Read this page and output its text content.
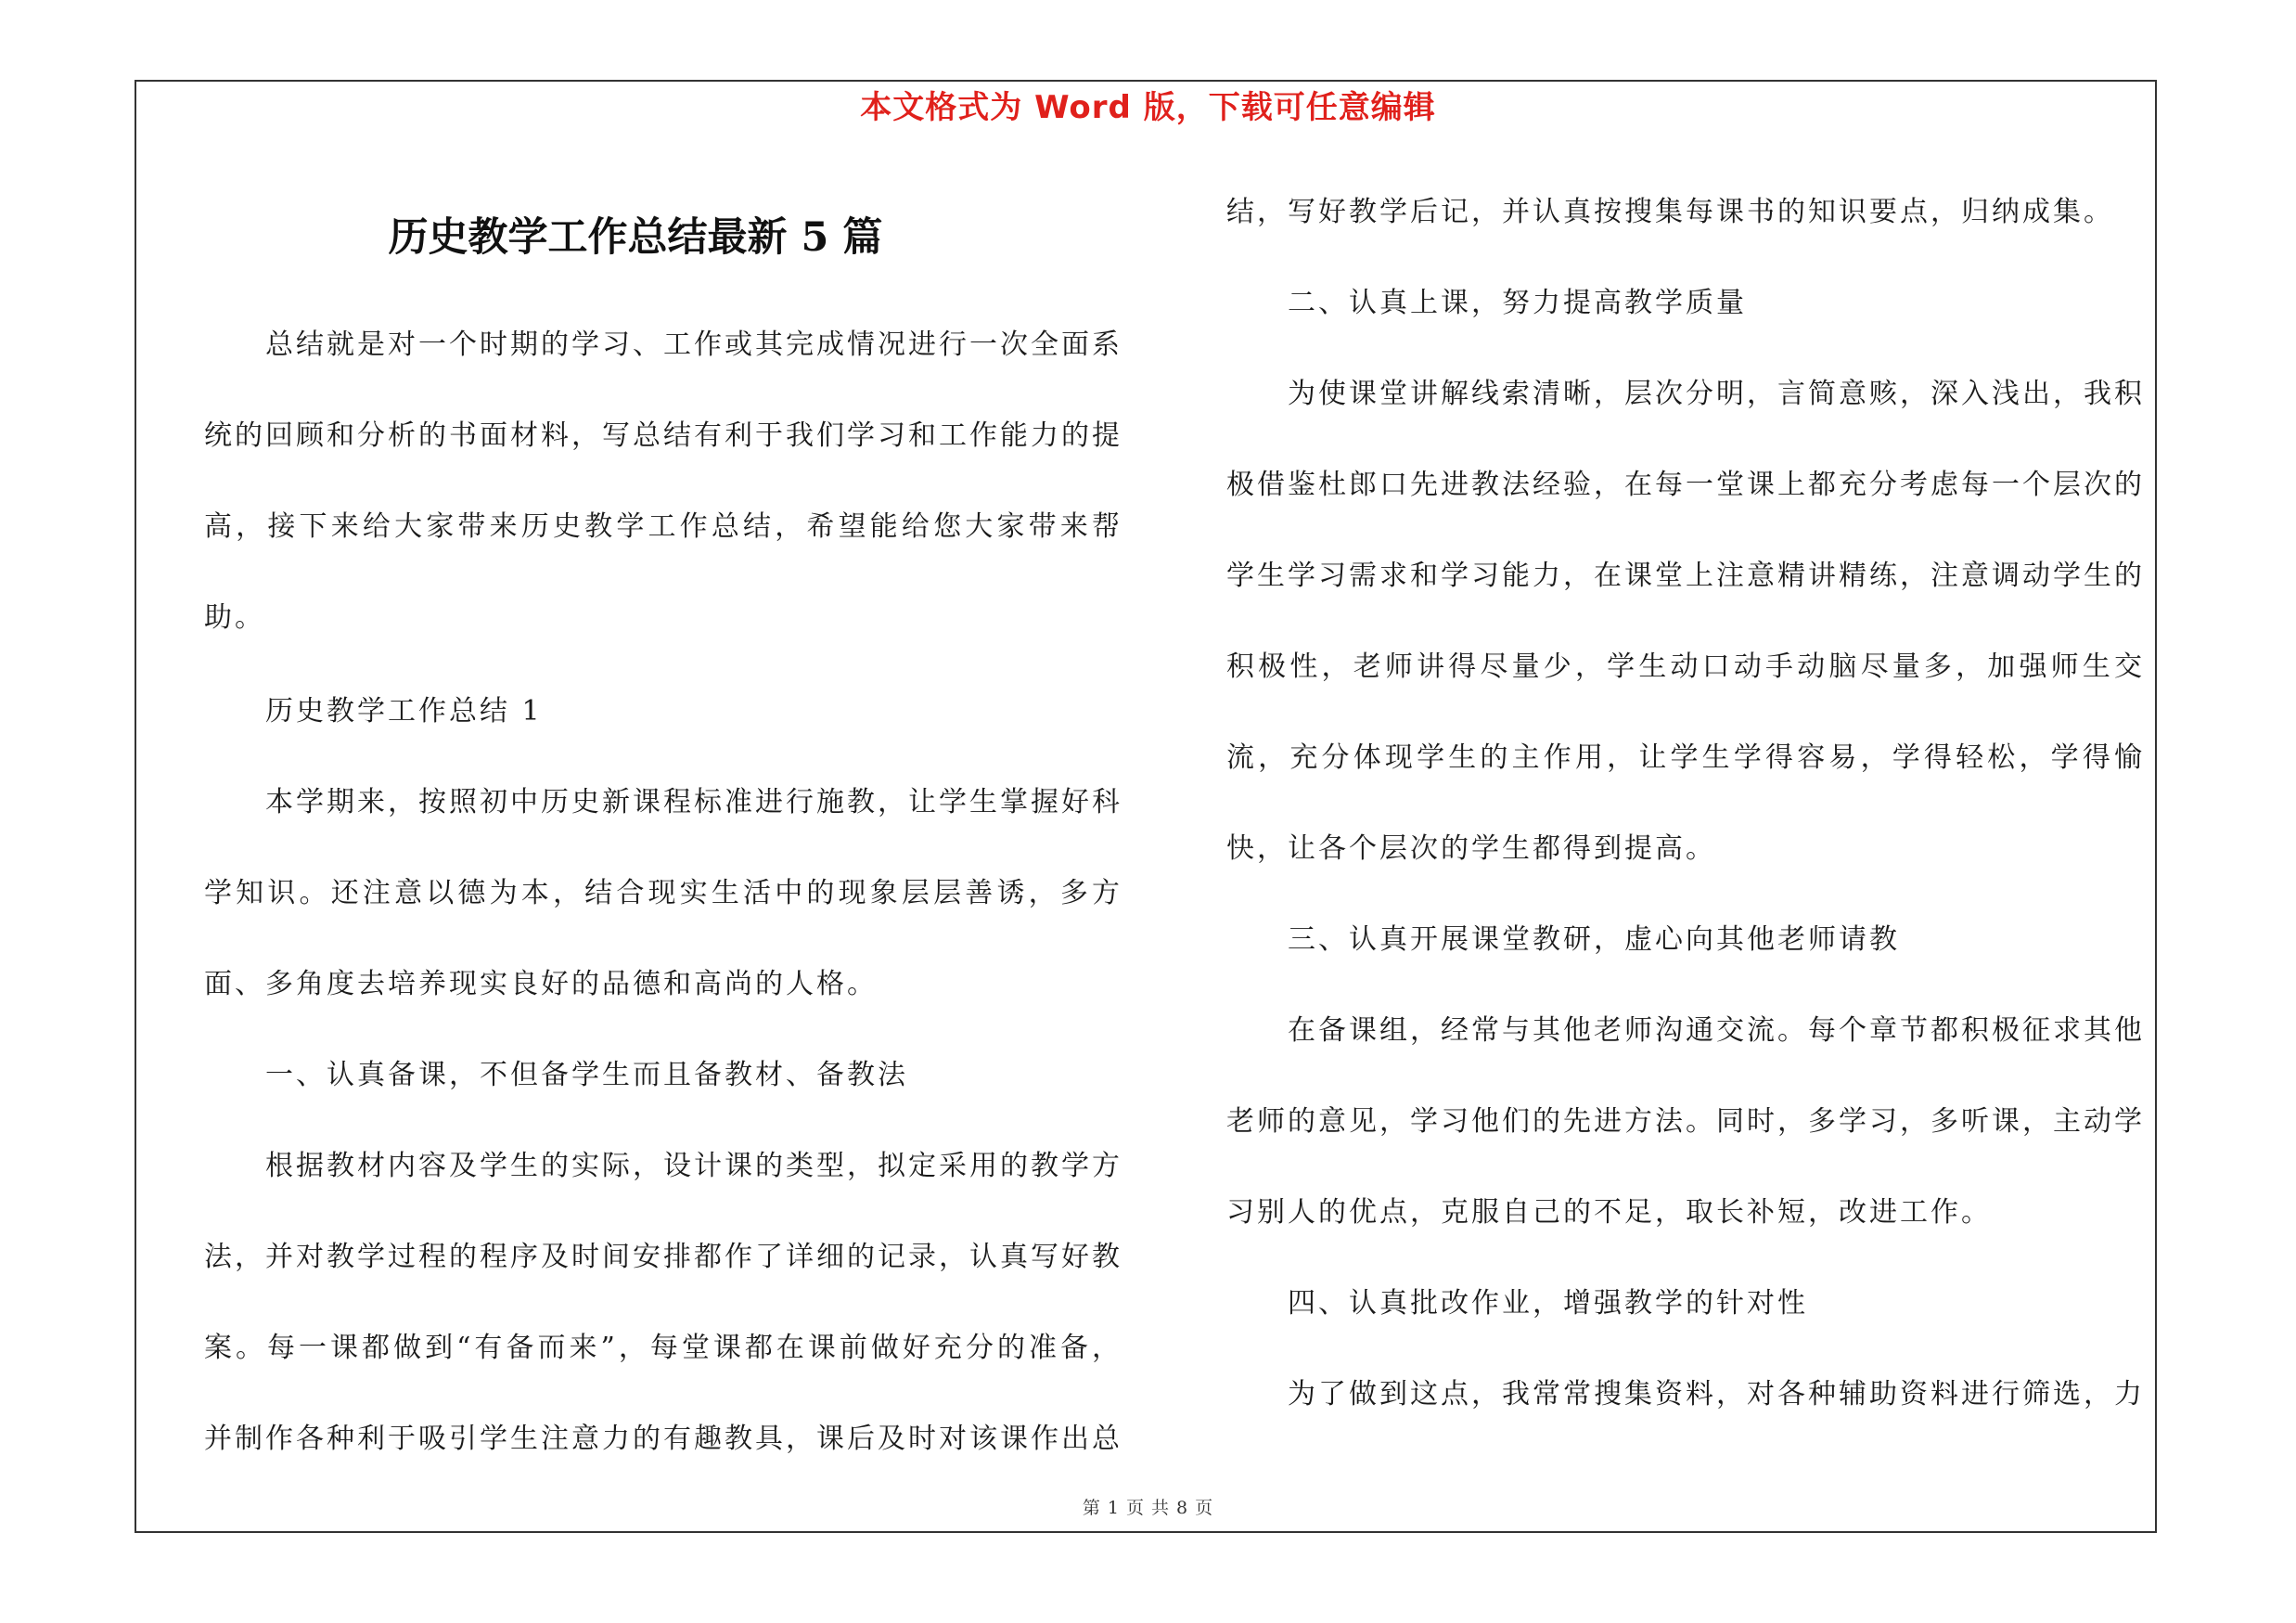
本文格式为 Word 版，下载可任意编辑
历史教学工作总结最新 5 篇

总结就是对一个时期的学习、工作或其完成情况进行一次全面系统的回顾和分析的书面材料，写总结有利于我们学习和工作能力的提高，接下来给大家带来历史教学工作总结，希望能给您大家带来帮助。

历史教学工作总结 1

本学期来，按照初中历史新课程标准进行施教，让学生掌握好科学知识。还注意以德为本，结合现实生活中的现象层层善诱，多方面、多角度去培养现实良好的品德和高尚的人格。

一、认真备课，不但备学生而且备教材、备教法

根据教材内容及学生的实际，设计课的类型，拟定采用的教学方法，并对教学过程的程序及时间安排都作了详细的记录，认真写好教案。每一课都做到“有备而来”，每堂课都在课前做好充分的准备，并制作各种利于吸引学生注意力的有趣教具，课后及时对该课作出总

结，写好教学后记，并认真按搜集每课书的知识要点，归纳成集。

二、认真上课，努力提高教学质量

为使课堂讲解线索清晰，层次分明，言简意赅，深入浅出，我积极借鉴杜郎口先进教法经验，在每一堂课上都充分考虑每一个层次的学生学习需求和学习能力，在课堂上注意精讲精练，注意调动学生的积极性，老师讲得尽量少，学生动口动手动脑尽量多，加强师生交流，充分体现学生的主作用，让学生学得容易，学得轻松，学得愉快，让各个层次的学生都得到提高。

三、认真开展课堂教研，虚心向其他老师请教

在备课组，经常与其他老师沟通交流。每个章节都积极征求其他老师的意见，学习他们的先进方法。同时，多学习，多听课，主动学习别人的优点，克服自己的不足，取长补短，改进工作。

四、认真批改作业，增强教学的针对性

为了做到这点，我常常搜集资料，对各种辅助资料进行筛选，力

第 1 页 共 8 页
